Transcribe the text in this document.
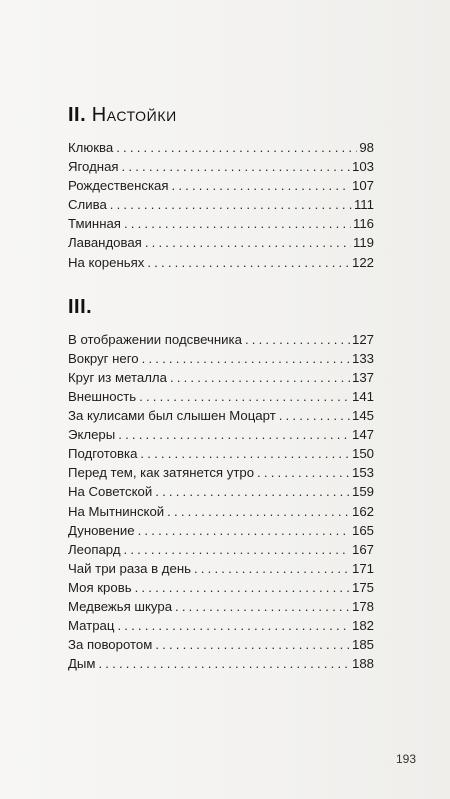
II. Настойки
Клюква . . .	98
Ягодная . . .	103
Рождественская . . .	107
Слива . . .	111
Тминная . . .	116
Лавандовая . . .	119
На кореньях . . .	122
III.
В отображении подсвечника . . .	127
Вокруг него . . .	133
Круг из металла . . .	137
Внешность . . .	141
За кулисами был слышен Моцарт . . .	145
Эклеры . . .	147
Подготовка . . .	150
Перед тем, как затянется утро . . .	153
На Советской . . .	159
На Мытнинской . . .	162
Дуновение . . .	165
Леопард . . .	167
Чай три раза в день . . .	171
Моя кровь . . .	175
Медвежья шкура . . .	178
Матрац . . .	182
За поворотом . . .	185
Дым . . .	188
193
